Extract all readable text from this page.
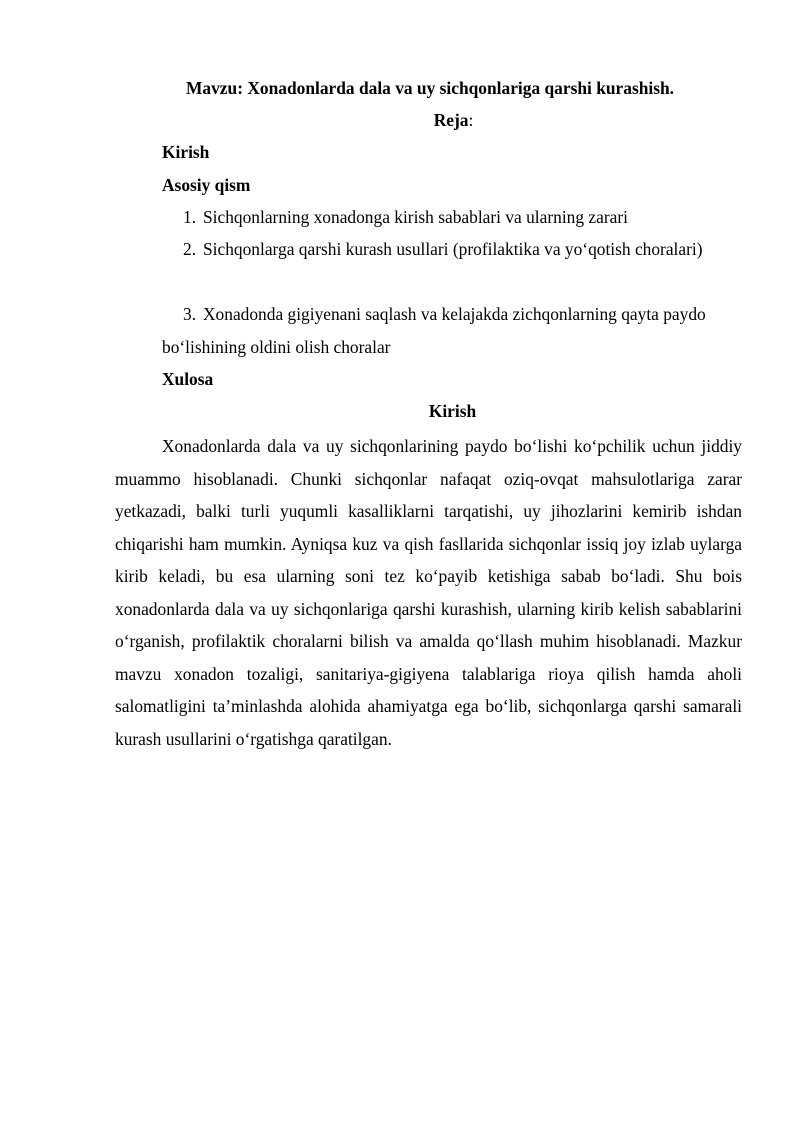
Mavzu: Xonadonlarda dala va uy sichqonlariga qarshi kurashish.
Reja:
Kirish
Asosiy qism
1. Sichqonlarning xonadonga kirish sabablari va ularning zarari
2. Sichqonlarga qarshi kurash usullari (profilaktika va yo‘qotish choralari)
3. Xonadonda gigiyenani saqlash va kelajakda zichqonlarning qayta paydo bo‘lishining oldini olish choralar
Xulosa
Kirish

Xonadonlarda dala va uy sichqonlarining paydo bo‘lishi ko‘pchilik uchun jiddiy muammo hisoblanadi. Chunki sichqonlar nafaqat oziq-ovqat mahsulotlariga zarar yetkazadi, balki turli yuqumli kasalliklarni tarqatishi, uy jihozlarini kemirib ishdan chiqarishi ham mumkin. Ayniqsa kuz va qish fasllarida sichqonlar issiq joy izlab uylarga kirib keladi, bu esa ularning soni tez ko‘payib ketishiga sabab bo‘ladi. Shu bois xonadonlarda dala va uy sichqonlariga qarshi kurashish, ularning kirib kelish sabablarini o‘rganish, profilaktik choralarni bilish va amalda qo‘llash muhim hisoblanadi. Mazkur mavzu xonadon tozaligi, sanitariya-gigiyena talablariga rioya qilish hamda aholi salomatligini ta’minlashda alohida ahamiyatga ega bo‘lib, sichqonlarga qarshi samarali kurash usullarini o‘rgatishga qaratilgan.
